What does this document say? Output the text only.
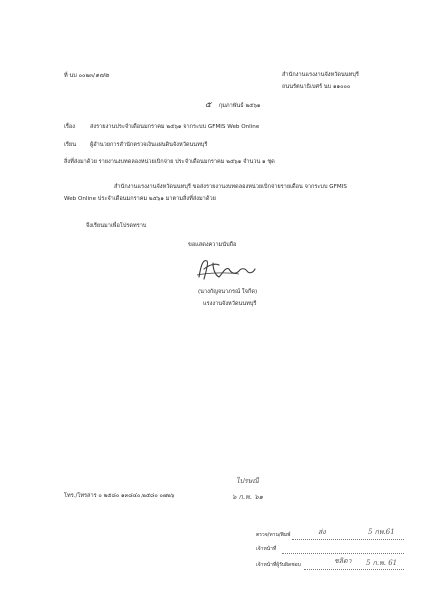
ที่ นบ ๐๐๒๓/๑๗๒	สำนักงานแรงงานจังหวัดนนทบุรี
ถนนรัตนาธิเบศร์ นบ ๑๑๐๐๐
๕ กุมภาพันธ์ ๒๕๖๑
เรื่อง	ส่งรายงานประจำเดือนมกราคม ๒๕๖๑ จากระบบ GFMIS Web Online
เรียน ผู้อำนวยการสำนักตรวจเงินแผ่นดินจังหวัดนนทบุรี
สิ่งที่ส่งมาด้วย รายงานงบทดลองหน่วยเบิกจ่าย ประจำเดือนมกราคม ๒๕๖๑ จำนวน ๑ ชุด
สำนักงานแรงงานจังหวัดนนทบุรี ขอส่งรายงานงบทดลองหน่วยเบิกจ่ายรายเดือน จากระบบ GFMIS
Web Online ประจำเดือนมกราคม ๒๕๖๑ มาตามสิ่งที่ส่งมาด้วย
จึงเรียนมาเพื่อโปรดทราบ
ขอแสดงความนับถือ
(นางกัญจนาภรณ์ ใจกีด)
แรงงานจังหวัดนนทบุรี
ไปรษณี
๖ ก.พ. ๖๑
โทร./โทรสาร ๐ ๒๕๘๐ ๑๓๘๔๐,๒๕๘๐ ๐๗๒๖
ตรวจ/ทาน/พิมพ์	ส่ง	5 กพ.61
เจ้าหน้าที่
เจ้าหน้าที่ผู้รับผิดชอบ	ชลิดา 5 ก.พ. 61
